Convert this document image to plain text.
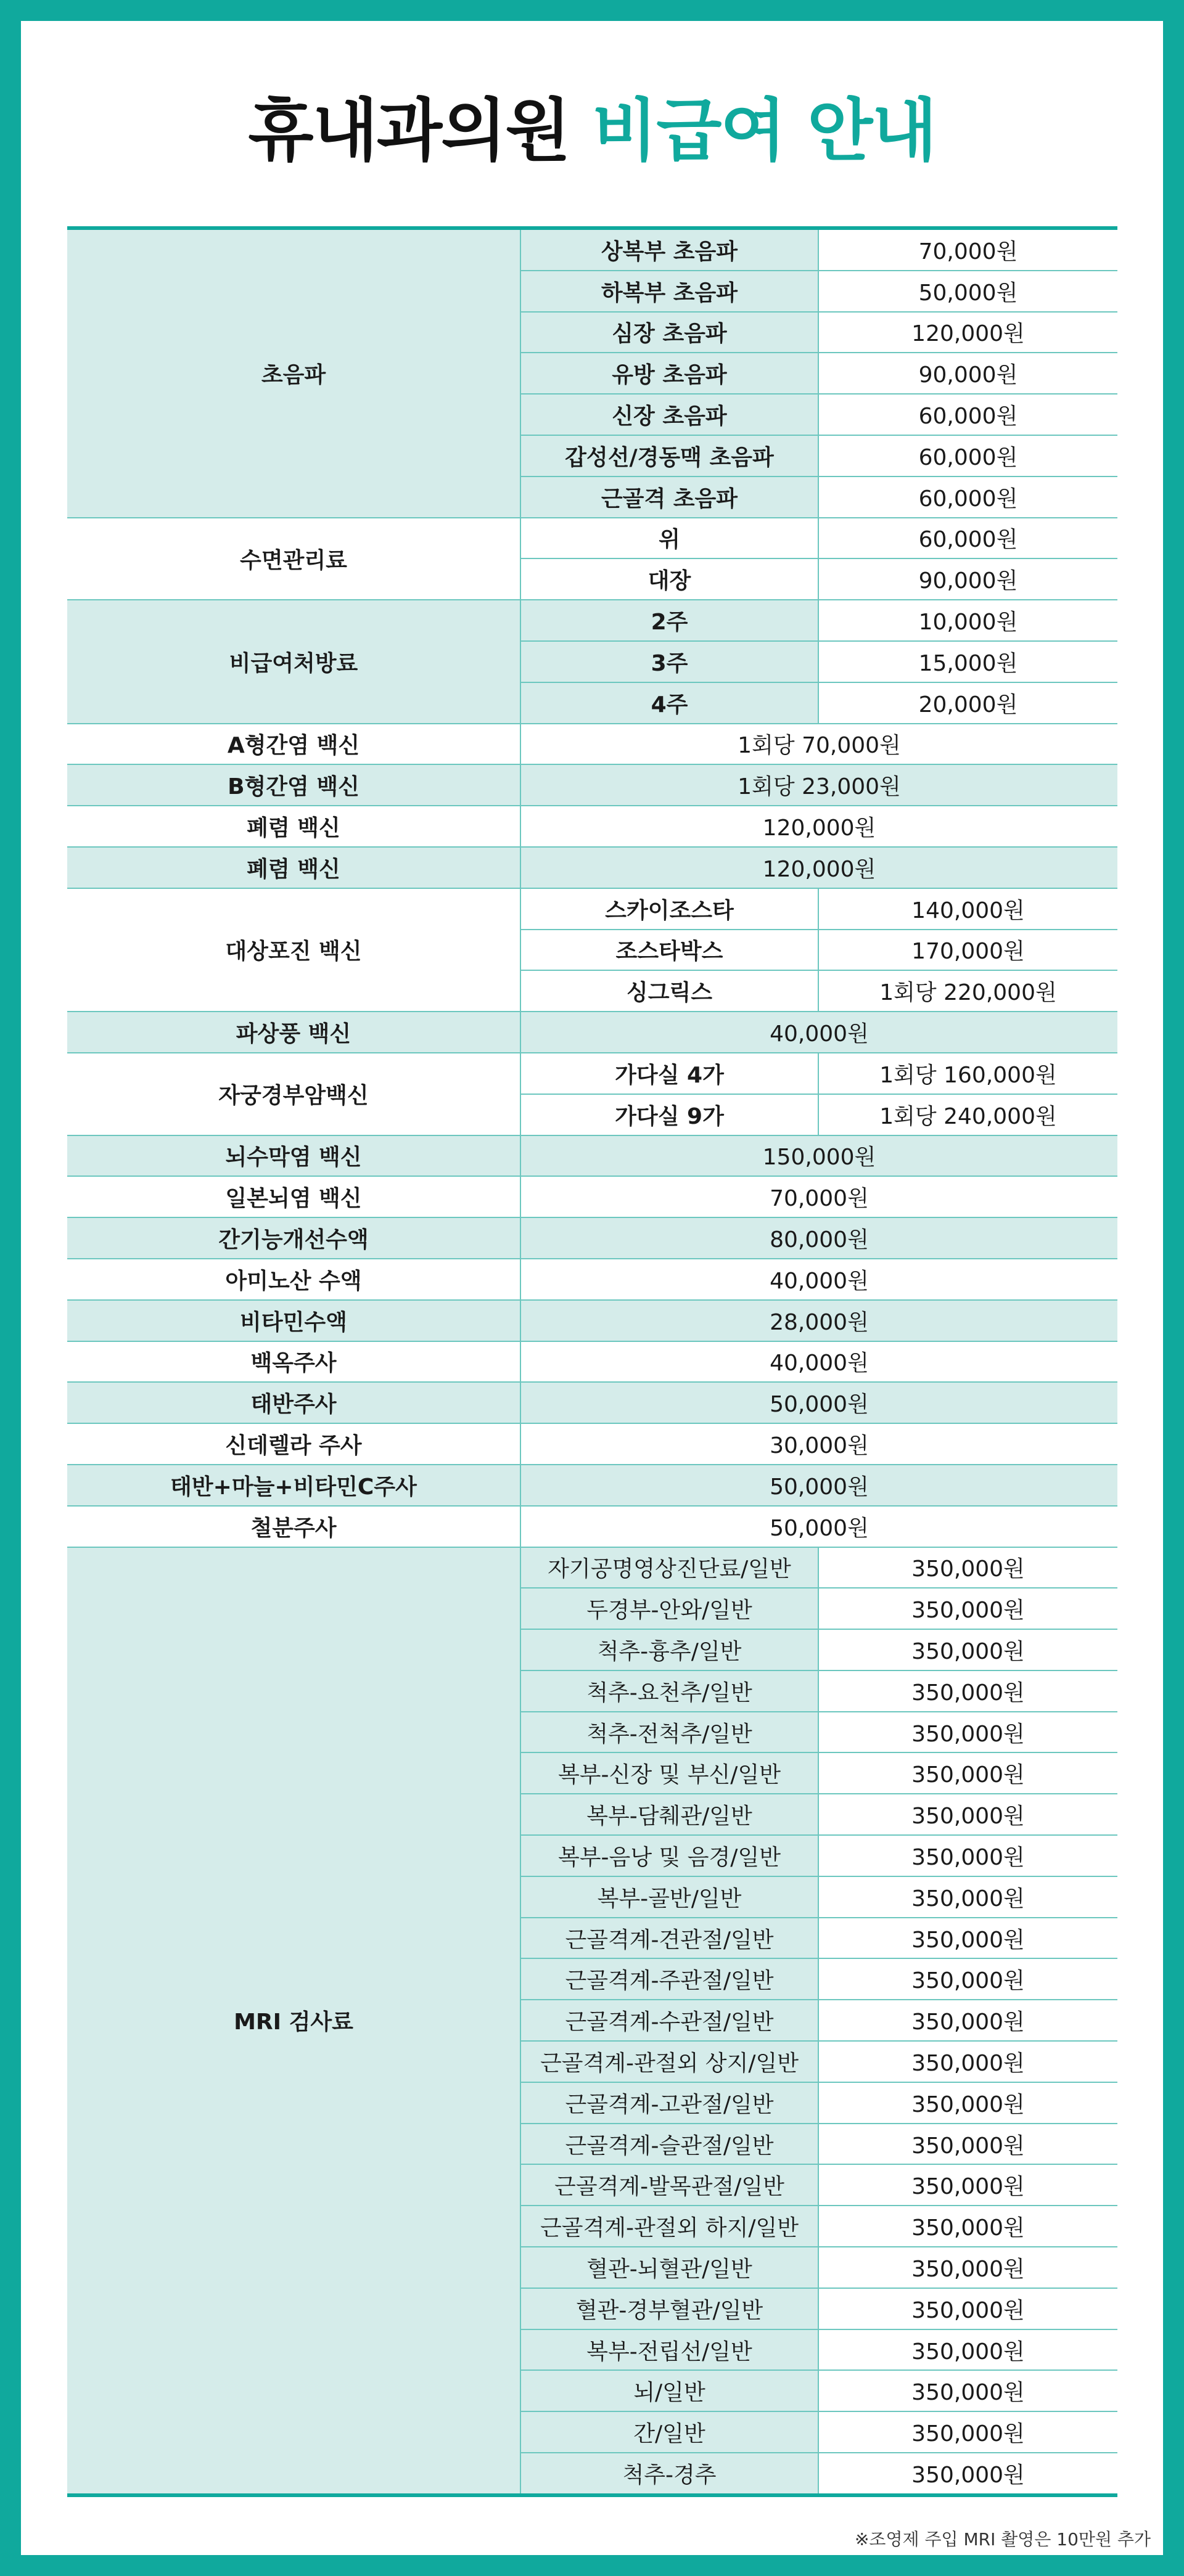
휴내과의원 비급여 안내
초음파	상복부 초음파	70,000원
	하복부 초음파	50,000원
	심장 초음파	120,000원
	유방 초음파	90,000원
	신장 초음파	60,000원
	갑성선/경동맥 초음파	60,000원
	근골격 초음파	60,000원
수면관리료	위	60,000원
	대장	90,000원
비급여처방료	2주	10,000원
	3주	15,000원
	4주	20,000원
A형간염 백신	1회당 70,000원	
B형간염 백신	1회당 23,000원	
폐렴 백신	120,000원	
폐렴 백신	120,000원	
대상포진 백신	스카이조스타	140,000원
	조스타박스	170,000원
	싱그릭스	1회당 220,000원
파상풍 백신	40,000원	
자궁경부암백신	가다실 4가	1회당 160,000원
	가다실 9가	1회당 240,000원
뇌수막염 백신	150,000원	
일본뇌염 백신	70,000원	
간기능개선수액	80,000원	
아미노산 수액	40,000원	
비타민수액	28,000원	
백옥주사	40,000원	
태반주사	50,000원	
신데렐라 주사	30,000원	
태반+마늘+비타민C주사	50,000원	
철분주사	50,000원	
MRI 검사료	자기공명영상진단료/일반	350,000원
	두경부-안와/일반	350,000원
	척추-흉추/일반	350,000원
	척추-요천추/일반	350,000원
	척추-전척추/일반	350,000원
	복부-신장 및 부신/일반	350,000원
	복부-담췌관/일반	350,000원
	복부-음낭 및 음경/일반	350,000원
	복부-골반/일반	350,000원
	근골격계-견관절/일반	350,000원
	근골격계-주관절/일반	350,000원
	근골격계-수관절/일반	350,000원
	근골격계-관절외 상지/일반	350,000원
	근골격계-고관절/일반	350,000원
	근골격계-슬관절/일반	350,000원
	근골격계-발목관절/일반	350,000원
	근골격계-관절외 하지/일반	350,000원
	혈관-뇌혈관/일반	350,000원
	혈관-경부혈관/일반	350,000원
	복부-전립선/일반	350,000원
	뇌/일반	350,000원
	간/일반	350,000원
	척추-경추	350,000원
※조영제 주입 MRI 촬영은 10만원 추가
